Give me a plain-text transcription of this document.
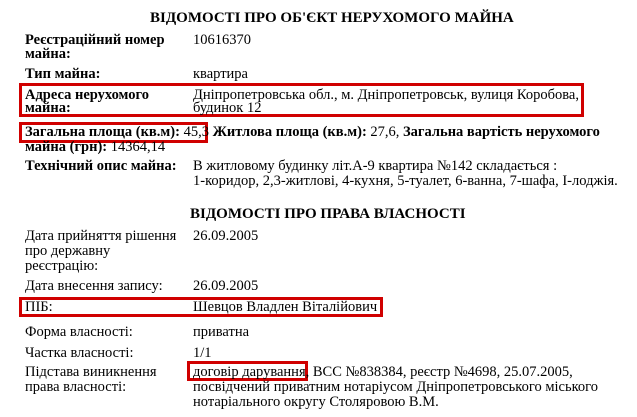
ВІДОМОСТІ ПРО ОБ'ЄКТ НЕРУХОМОГО МАЙНА
Реєстраційний номер
майна:
10616370
Тип майна:	квартира
Адреса нерухомого
майна:
Дніпропетровська обл., м. Дніпропетровськ, вулиця Коробова,
будинок 12
Загальна площа (кв.м): 45,3 Житлова площа (кв.м): 27,6, Загальна вартість нерухомого
майна (грн): 14364,14
Технічний опис майна: В житловому будинку літ.А-9 квартира №142 складається :
1-коридор, 2,3-житлові, 4-кухня, 5-туалет, 6-ванна, 7-шафа, І-лоджія.
ВІДОМОСТІ ПРО ПРАВА ВЛАСНОСТІ
Дата прийняття рішення
про державну
реєстрацію:
26.09.2005
Дата внесення запису: 26.09.2005
ПІБ:	Шевцов Владлен Віталійович
Форма власності:	приватна
Частка власності:	1/1
Підстава виникнення
права власності:
договір дарування, ВСС №838384, реєстр №4698, 25.07.2005,
посвідчений приватним нотаріусом Дніпропетровського міського
нотаріального округу Столяровою В.М.
